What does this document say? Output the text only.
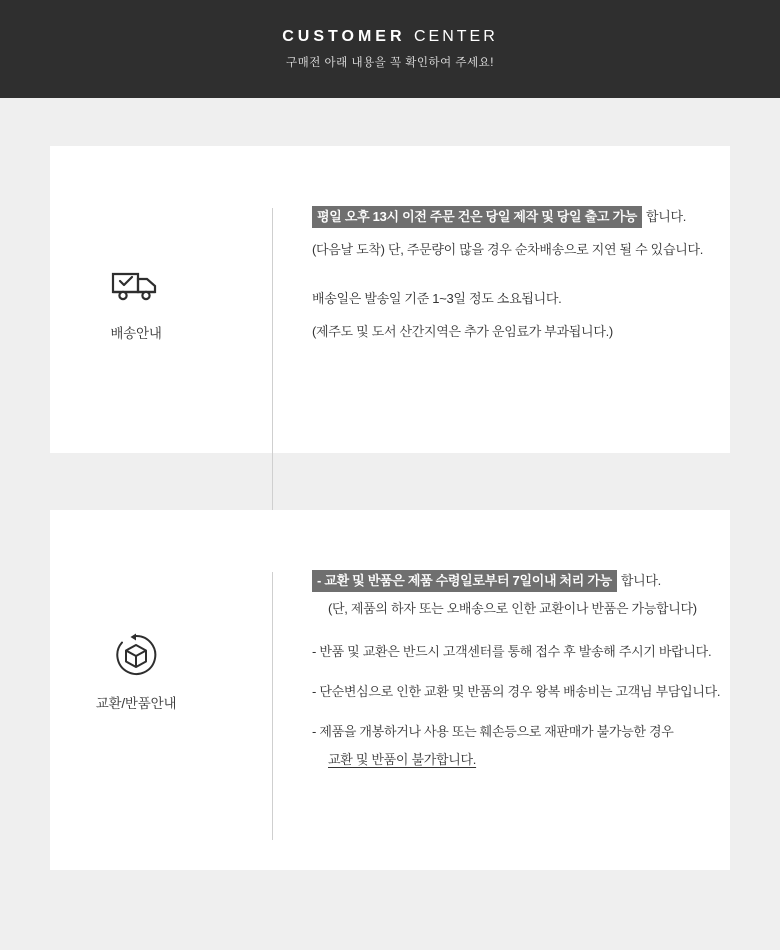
CUSTOMER CENTER
구매전 아래 내용을 꼭 확인하여 주세요!
배송안내
평일 오후 13시 이전 주문 건은 당일 제작 및 당일 출고 가능 합니다.
(다음날 도착) 단, 주문량이 많을 경우 순차배송으로 지연 될 수 있습니다.
배송일은 발송일 기준 1~3일 정도 소요됩니다.
(제주도 및 도서 산간지역은 추가 운임료가 부과됩니다.)
교환/반품안내
- 교환 및 반품은 제품 수령일로부터 7일이내 처리 가능 합니다.
(단, 제품의 하자 또는 오배송으로 인한 교환이나 반품은 가능합니다)
- 반품 및 교환은 반드시 고객센터를 통해 접수 후 발송해 주시기 바랍니다.
- 단순변심으로 인한 교환 및 반품의 경우 왕복 배송비는 고객님 부담입니다.
- 제품을 개봉하거나 사용 또는 훼손등으로 재판매가 불가능한 경우
교환 및 반품이 불가합니다.
